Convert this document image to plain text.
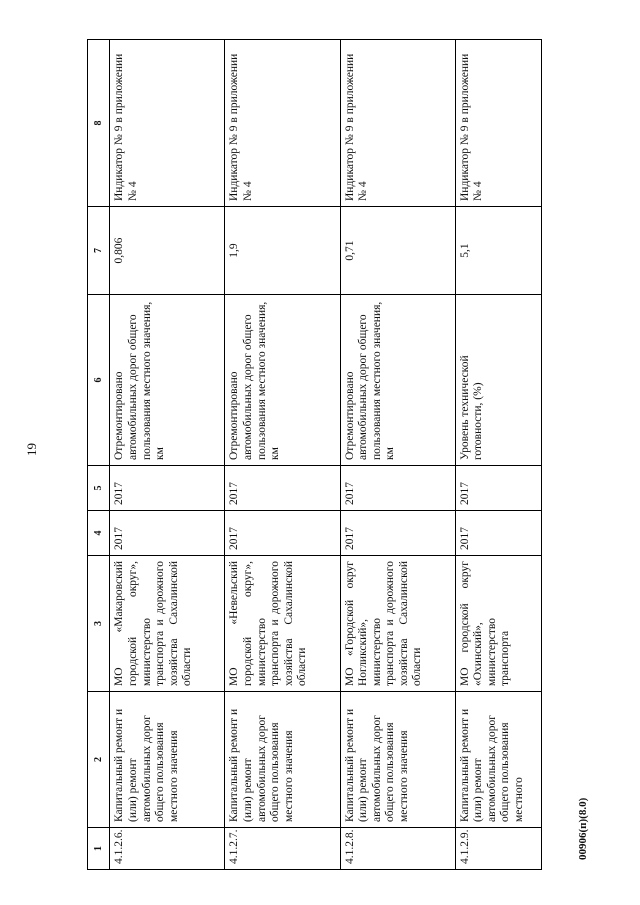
19
1	2	3	4	5	6	7	8
4.1.2.6.	Капитальный ремонт и (или) ремонт автомобильных дорог общего пользования местного значения	МО «Макаровский городской округ», министерство транспорта и дорожного хозяйства Сахалинской области	2017	2017	Отремонтировано автомобильных дорог общего пользования местного значения, км	0,806	Индикатор № 9 в приложении № 4
4.1.2.7.	Капитальный ремонт и (или) ремонт автомобильных дорог общего пользования местного значения	МО «Невельский городской округ», министерство транспорта и дорожного хозяйства Сахалинской области	2017	2017	Отремонтировано автомобильных дорог общего пользования местного значения, км	1,9	Индикатор № 9 в приложении № 4
4.1.2.8.	Капитальный ремонт и (или) ремонт автомобильных дорог общего пользования местного значения	МО «Городской округ Ногликский», министерство транспорта и дорожного хозяйства Сахалинской области	2017	2017	Отремонтировано автомобильных дорог общего пользования местного значения, км	0,71	Индикатор № 9 в приложении № 4
4.1.2.9.	Капитальный ремонт и (или) ремонт автомобильных дорог общего пользования местного	МО городской округ «Охинский», министерство транспорта	2017	2017	Уровень технической готовности, (%)	5,1	Индикатор № 9 в приложении № 4
00906(п)(8.0)
